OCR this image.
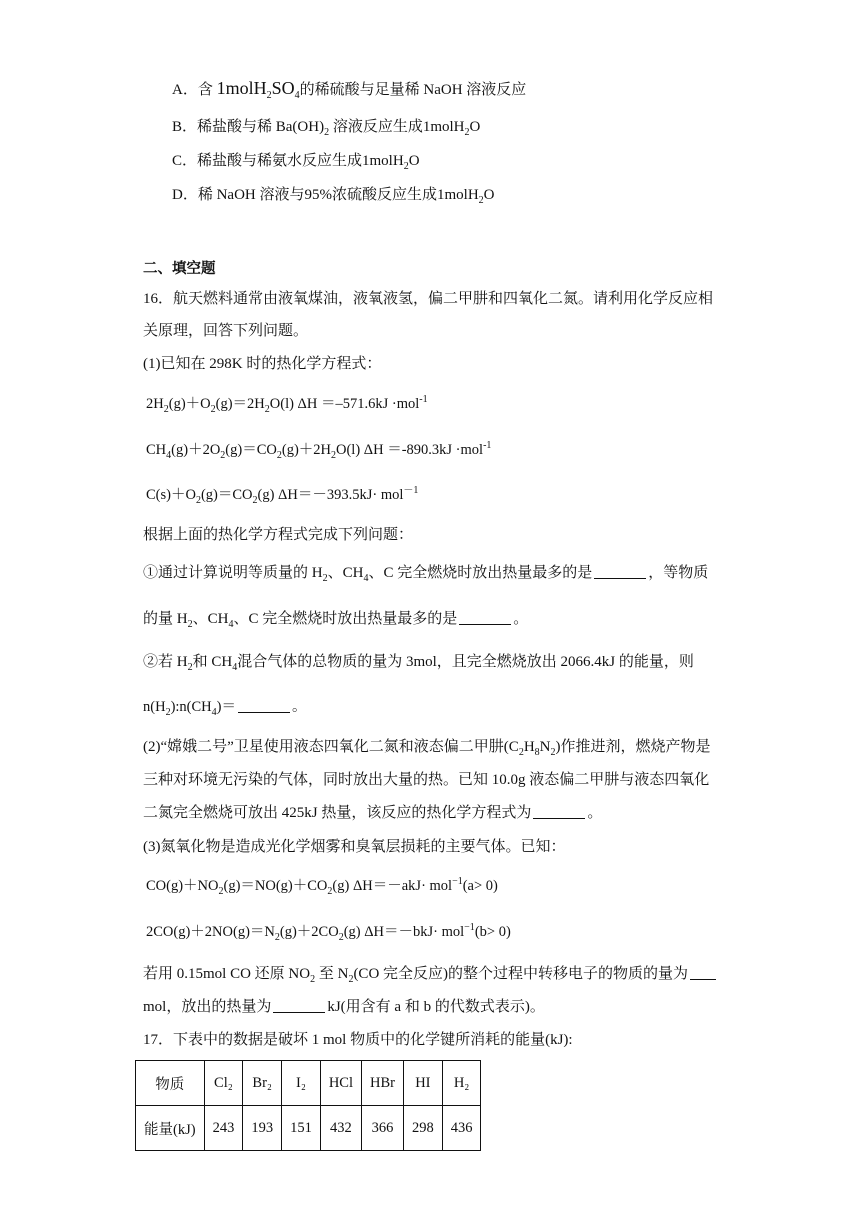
A．含 $1molH_2SO_4$的稀硫酸与足量稀 NaOH 溶液反应
B．稀盐酸与稀 $Ba(OH)_2$ 溶液反应生成1molH$_2$O
C．稀盐酸与稀氨水反应生成1molH$_2$O
D．稀 NaOH 溶液与95%浓硫酸反应生成1molH$_2$O
二、填空题
16．航天燃料通常由液氧煤油，液氧液氢，偏二甲肼和四氧化二氮。请利用化学反应相
关原理，回答下列问题。
(1)已知在 298K 时的热化学方程式：
$2H_2(g)+O_2(g)=2H_2O(l)$ ΔH ＝–571.6kJ ·mol$^{-1}$
$CH_4(g)+2O_2(g)=CO_2(g)+2H_2O(l)$ ΔH ＝-890.3kJ ·mol$^{-1}$
$C(s)+O_2(g)=CO_2(g)$ ΔH＝－393.5kJ· mol$^{-1}$
根据上面的热化学方程式完成下列问题：
①通过计算说明等质量的 $H_2$、$CH_4$、C 完全燃烧时放出热量最多的是	，等物质
的量 $H_2$、$CH_4$、C 完全燃烧时放出热量最多的是	。
②若 $H_2$和 $CH_4$混合气体的总物质的量为 3mol，且完全燃烧放出 2066.4kJ 的能量，则
$n(H_2):n(CH_4)=$	。
(2)“嫦娥二号”卫星使用液态四氧化二氮和液态偏二甲肼$(C_2H_8N_2)$作推进剂，燃烧产物是
三种对环境无污染的气体，同时放出大量的热。已知 10.0g 液态偏二甲肼与液态四氧化
二氮完全燃烧可放出 425kJ 热量，该反应的热化学方程式为	。
(3)氮氧化物是造成光化学烟雾和臭氧层损耗的主要气体。已知：
$CO(g)+NO_2(g)=NO(g)+CO_2(g)$ ΔH＝－akJ· mol$^{-1}$(a> 0)
$2CO(g)+2NO(g)=N_2(g)+2CO_2(g)$ ΔH＝－bkJ· mol$^{-1}$(b> 0)
若用 0.15mol CO 还原 $NO_2$ 至 $N_2(CO$ 完全反应)的整个过程中转移电子的物质的量为
mol，放出的热量为	kJ(用含有 a 和 b 的代数式表示)。
17．下表中的数据是破坏 1 mol 物质中的化学键所消耗的能量(kJ):
物质	Cl₂	Br₂	I₂	HCl	HBr	HI	H₂
能量(kJ)	243	193	151	432	366	298	436
